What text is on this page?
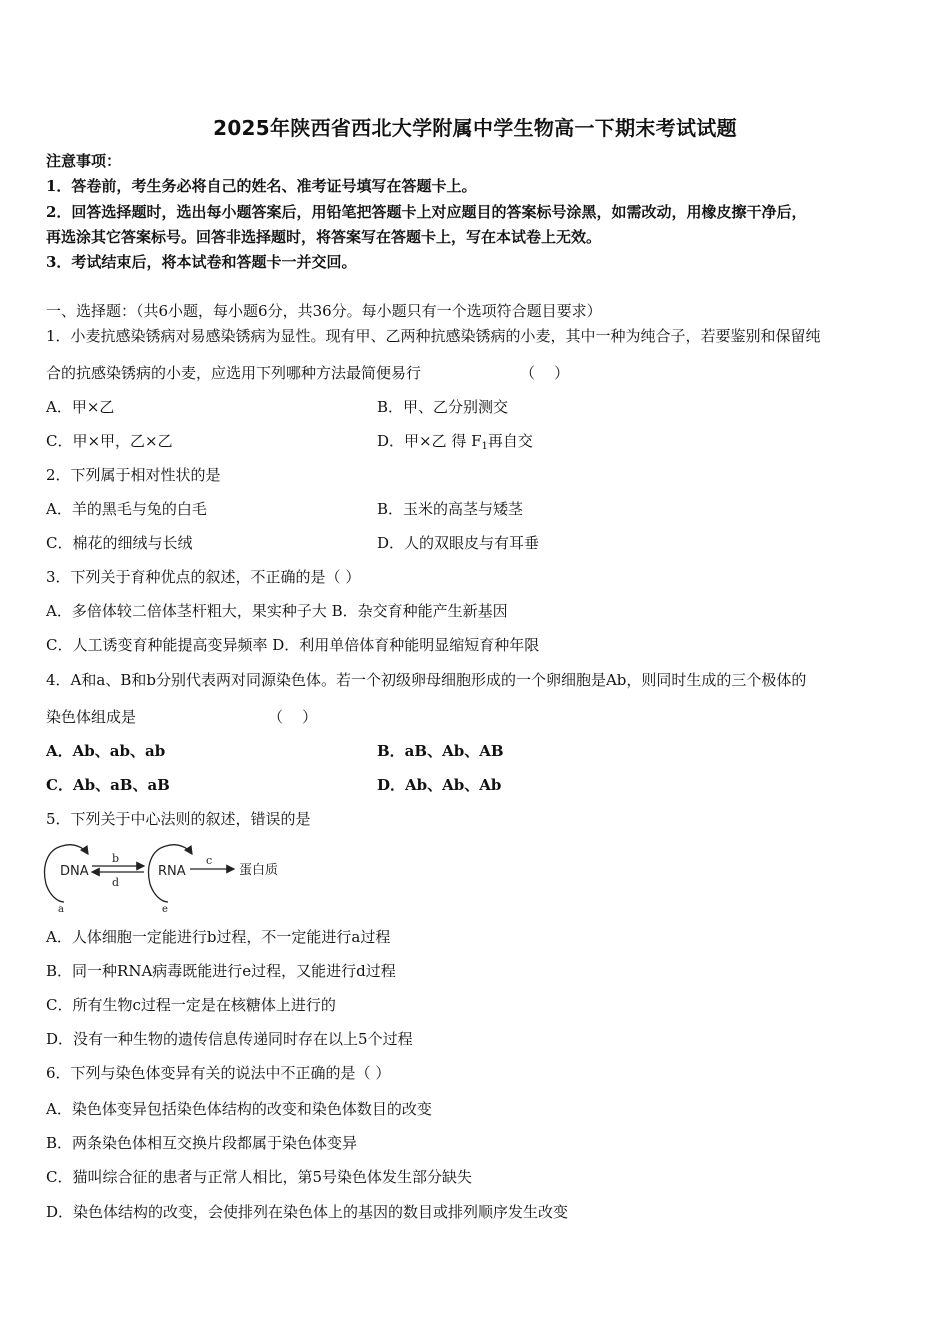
2025年陕西省西北大学附属中学生物高一下期末考试试题
注意事项：
1．答卷前，考生务必将自己的姓名、准考证号填写在答题卡上。
2．回答选择题时，选出每小题答案后，用铅笔把答题卡上对应题目的答案标号涂黑，如需改动，用橡皮擦干净后，
再选涂其它答案标号。回答非选择题时，将答案写在答题卡上，写在本试卷上无效。
3．考试结束后，将本试卷和答题卡一并交回。
一、选择题：（共6小题，每小题6分，共36分。每小题只有一个选项符合题目要求）
1．小麦抗感染锈病对易感染锈病为显性。现有甲、乙两种抗感染锈病的小麦，其中一种为纯合子，若要鉴别和保留纯
合的抗感染锈病的小麦，应选用下列哪种方法最简便易行	（    ）
A．甲×乙	B．甲、乙分别测交
C．甲×甲，乙×乙	D．甲×乙 得 $F_1$再自交
2．下列属于相对性状的是
A．羊的黑毛与兔的白毛	B．玉米的高茎与矮茎
C．棉花的细绒与长绒	D．人的双眼皮与有耳垂
3．下列关于育种优点的叙述，不正确的是（ ）
A．多倍体较二倍体茎杆粗大，果实种子大 B．杂交育种能产生新基因
C．人工诱变育种能提高变异频率 D．利用单倍体育种能明显缩短育种年限
4．A和a、B和b分别代表两对同源染色体。若一个初级卵母细胞形成的一个卵细胞是Ab，则同时生成的三个极体的
染色体组成是	（    ）
A．Ab、ab、ab	B．aB、Ab、AB
C．Ab、aB、aB	D．Ab、Ab、Ab
5．下列关于中心法则的叙述，错误的是
DNA
a
b
d
RNA
e
c
蛋白质
A．人体细胞一定能进行b过程，不一定能进行a过程
B．同一种RNA病毒既能进行e过程，又能进行d过程
C．所有生物c过程一定是在核糖体上进行的
D．没有一种生物的遗传信息传递同时存在以上5个过程
6．下列与染色体变异有关的说法中不正确的是（ ）
A．染色体变异包括染色体结构的改变和染色体数目的改变
B．两条染色体相互交换片段都属于染色体变异
C．猫叫综合征的患者与正常人相比，第5号染色体发生部分缺失
D．染色体结构的改变，会使排列在染色体上的基因的数目或排列顺序发生改变
